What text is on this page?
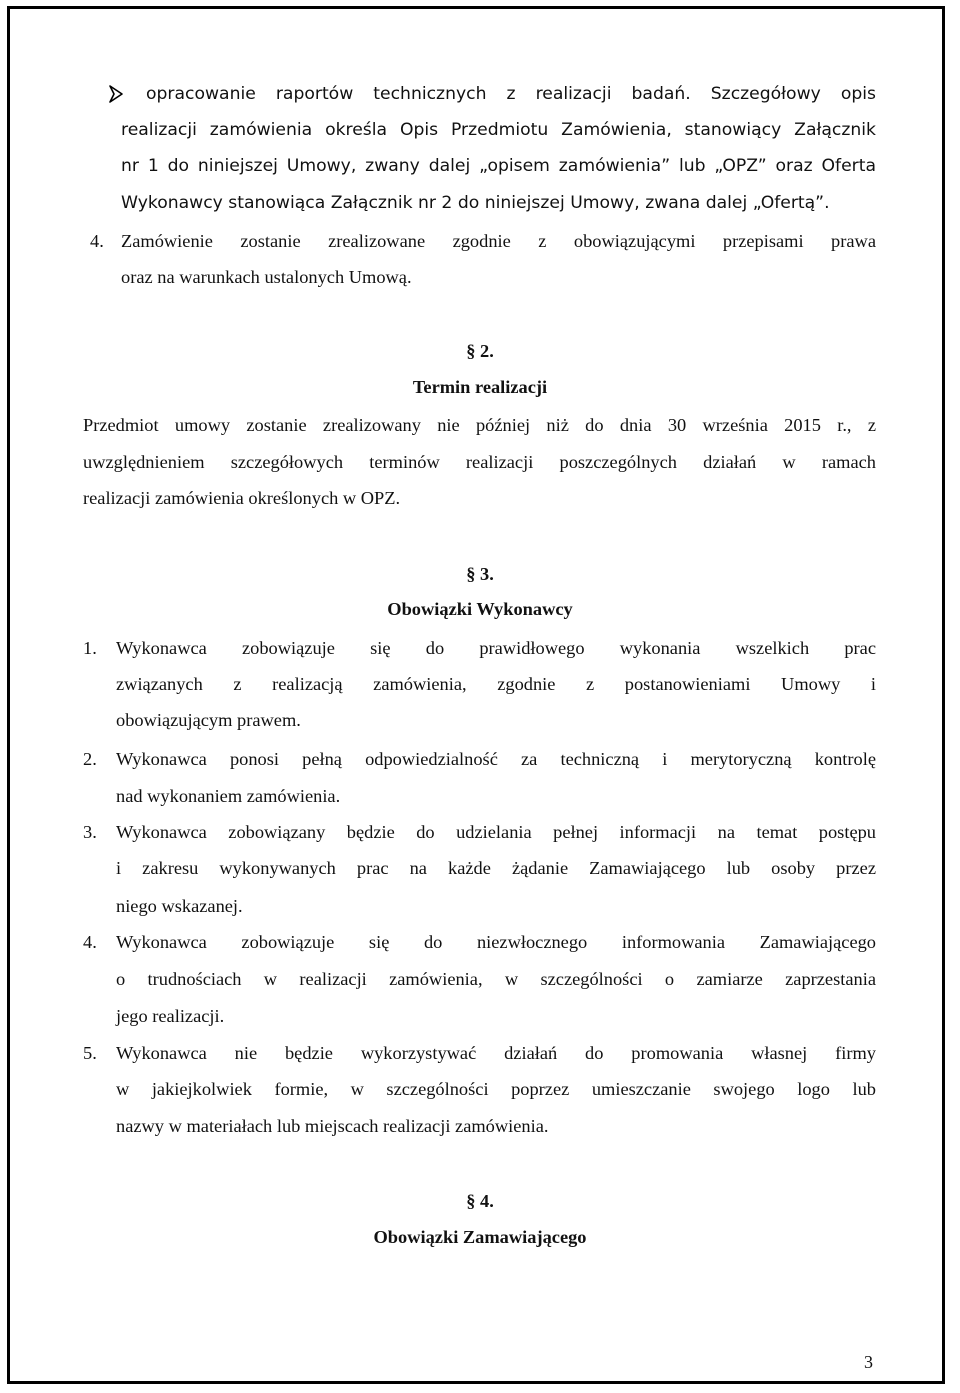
opracowanie raportów technicznych z realizacji badań. Szczegółowy opis
realizacji zamówienia określa Opis Przedmiotu Zamówienia, stanowiący Załącznik
nr 1 do niniejszej Umowy, zwany dalej „opisem zamówienia” lub „OPZ” oraz Oferta
Wykonawcy stanowiąca Załącznik nr 2 do niniejszej Umowy, zwana dalej „Ofertą”.
4. Zamówienie zostanie zrealizowane zgodnie z obowiązującymi przepisami prawa
oraz na warunkach ustalonych Umową.
§ 2.
Termin realizacji
Przedmiot umowy zostanie zrealizowany nie później niż do dnia 30 września 2015 r., z
uwzględnieniem szczegółowych terminów realizacji poszczególnych działań w ramach
realizacji zamówienia określonych w OPZ.
§ 3.
Obowiązki Wykonawcy
1. Wykonawca zobowiązuje się do prawidłowego wykonania wszelkich prac
związanych z realizacją zamówienia, zgodnie z postanowieniami Umowy i
obowiązującym prawem.
2. Wykonawca ponosi pełną odpowiedzialność za techniczną i merytoryczną kontrolę
nad wykonaniem zamówienia.
3. Wykonawca zobowiązany będzie do udzielania pełnej informacji na temat postępu
i zakresu wykonywanych prac na każde żądanie Zamawiającego lub osoby przez
niego wskazanej.
4. Wykonawca zobowiązuje się do niezwłocznego informowania Zamawiającego
o trudnościach w realizacji zamówienia, w szczególności o zamiarze zaprzestania
jego realizacji.
5. Wykonawca nie będzie wykorzystywać działań do promowania własnej firmy
w jakiejkolwiek formie, w szczególności poprzez umieszczanie swojego logo lub
nazwy w materiałach lub miejscach realizacji zamówienia.
§ 4.
Obowiązki Zamawiającego
3
